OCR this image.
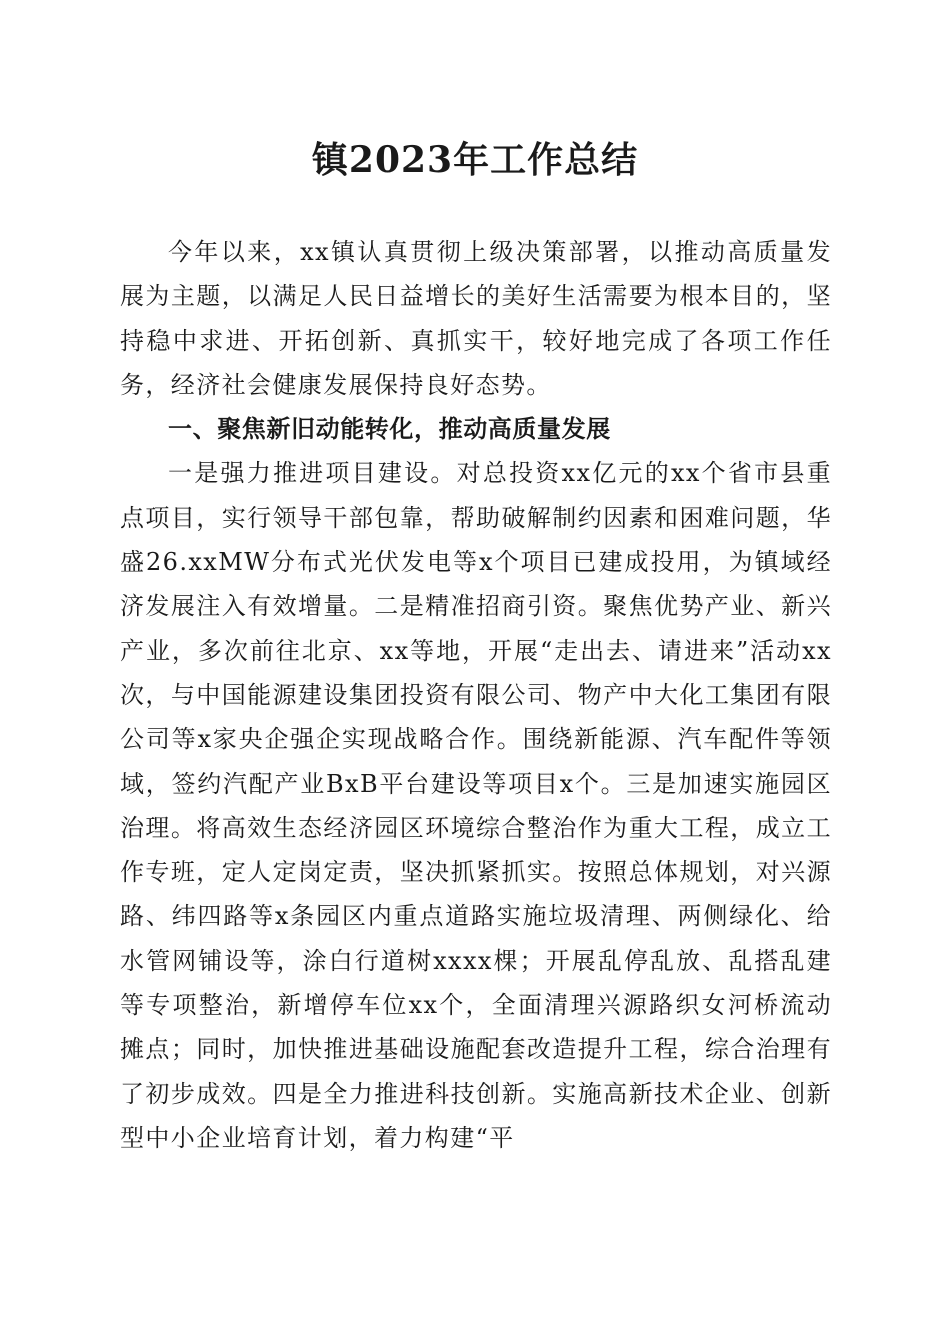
镇2023年工作总结

今年以来，xx镇认真贯彻上级决策部署，以推动高质量发展为主题，以满足人民日益增长的美好生活需要为根本目的，坚持稳中求进、开拓创新、真抓实干，较好地完成了各项工作任务，经济社会健康发展保持良好态势。

一、聚焦新旧动能转化，推动高质量发展

一是强力推进项目建设。对总投资xx亿元的xx个省市县重点项目，实行领导干部包靠，帮助破解制约因素和困难问题，华盛26.xxMW分布式光伏发电等x个项目已建成投用，为镇域经济发展注入有效增量。二是精准招商引资。聚焦优势产业、新兴产业，多次前往北京、xx等地，开展“走出去、请进来”活动xx次，与中国能源建设集团投资有限公司、物产中大化工集团有限公司等x家央企强企实现战略合作。围绕新能源、汽车配件等领域，签约汽配产业BxB平台建设等项目x个。三是加速实施园区治理。将高效生态经济园区环境综合整治作为重大工程，成立工作专班，定人定岗定责，坚决抓紧抓实。按照总体规划，对兴源路、纬四路等x条园区内重点道路实施垃圾清理、两侧绿化、给水管网铺设等，涂白行道树xxxx棵；开展乱停乱放、乱搭乱建等专项整治，新增停车位xx个，全面清理兴源路织女河桥流动摊点；同时，加快推进基础设施配套改造提升工程，综合治理有了初步成效。四是全力推进科技创新。实施高新技术企业、创新型中小企业培育计划，着力构建“平
